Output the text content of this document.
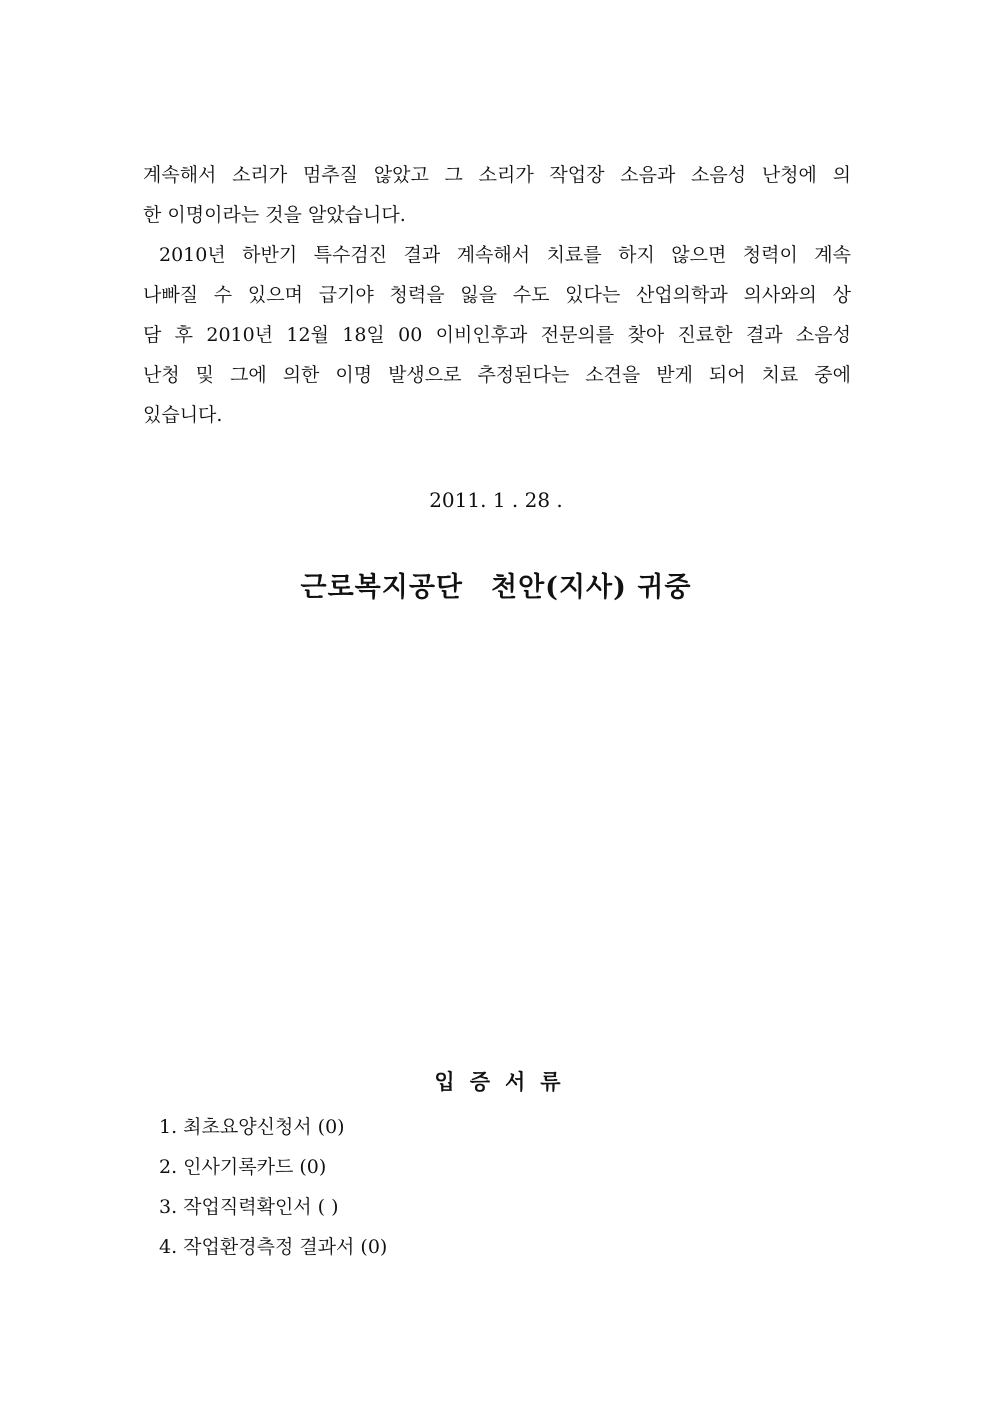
계속해서 소리가 멈추질 않았고 그 소리가 작업장 소음과 소음성 난청에 의
한 이명이라는 것을 알았습니다.
2010년 하반기 특수검진 결과 계속해서 치료를 하지 않으면 청력이 계속
나빠질 수 있으며 급기야 청력을 잃을 수도 있다는 산업의학과 의사와의 상
담 후 2010년 12월 18일 00 이비인후과 전문의를 찾아 진료한 결과 소음성
난청 및 그에 의한 이명 발생으로 추정된다는 소견을 받게 되어 치료 중에
있습니다.
2011. 1 . 28 .
근로복지공단 천안(지사) 귀중
입증서류
1. 최초요양신청서 (0)
2. 인사기록카드 (0)
3. 작업직력확인서 ( )
4. 작업환경측정 결과서 (0)
